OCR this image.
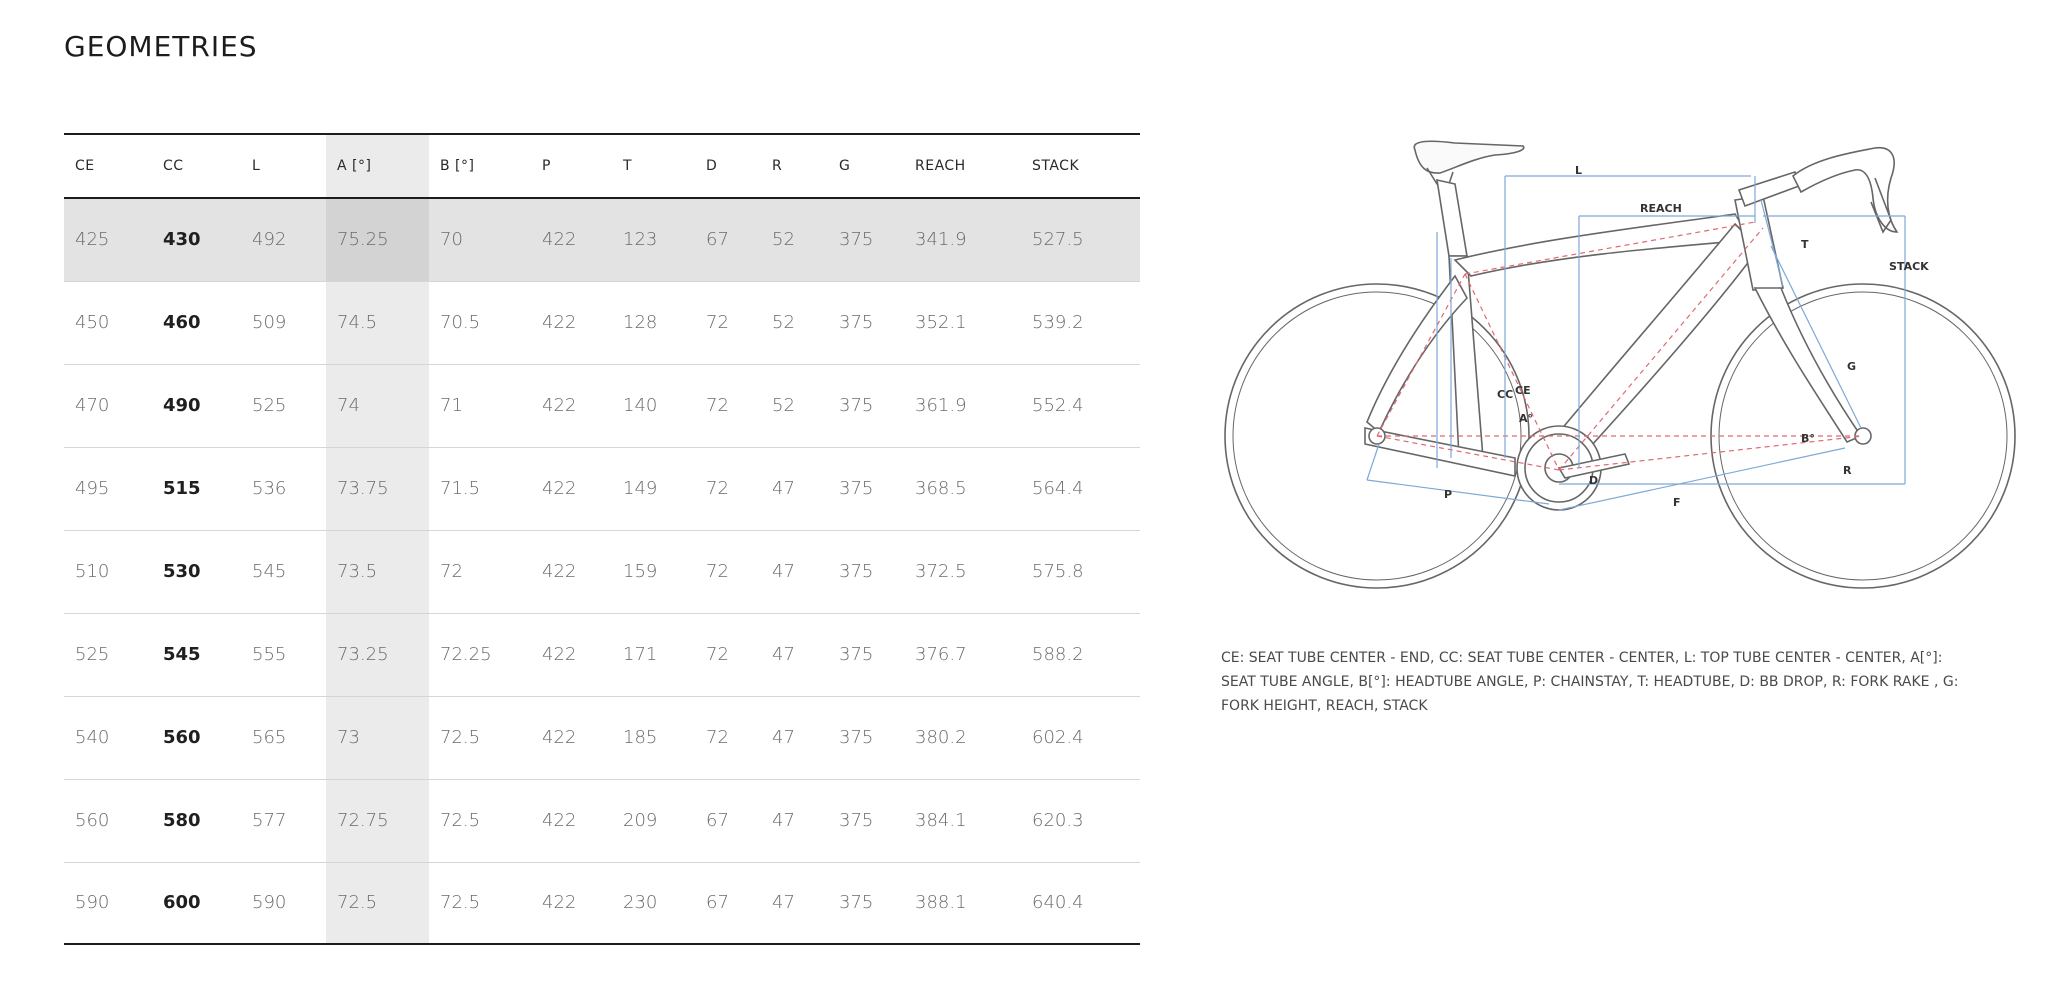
GEOMETRIES
CE	CC	L	A [°]	B [°]	P	T	D	R	G	REACH	STACK
425	430	492	75.25	70	422	123	67	52	375	341.9	527.5
450	460	509	74.5	70.5	422	128	72	52	375	352.1	539.2
470	490	525	74	71	422	140	72	52	375	361.9	552.4
495	515	536	73.75	71.5	422	149	72	47	375	368.5	564.4
510	530	545	73.5	72	422	159	72	47	375	372.5	575.8
525	545	555	73.25	72.25	422	171	72	47	375	376.7	588.2
540	560	565	73	72.5	422	185	72	47	375	380.2	602.4
560	580	577	72.75	72.5	422	209	67	47	375	384.1	620.3
590	600	590	72.5	72.5	422	230	67	47	375	388.1	640.4
L
REACH
STACK
T
G
CC CE
A°
B°
D
R
P
F

CE: SEAT TUBE CENTER - END, CC: SEAT TUBE CENTER - CENTER, L: TOP TUBE CENTER - CENTER, A[°]: SEAT TUBE ANGLE, B[°]: HEADTUBE ANGLE, P: CHAINSTAY, T: HEADTUBE, D: BB DROP, R: FORK RAKE , G: FORK HEIGHT, REACH, STACK
